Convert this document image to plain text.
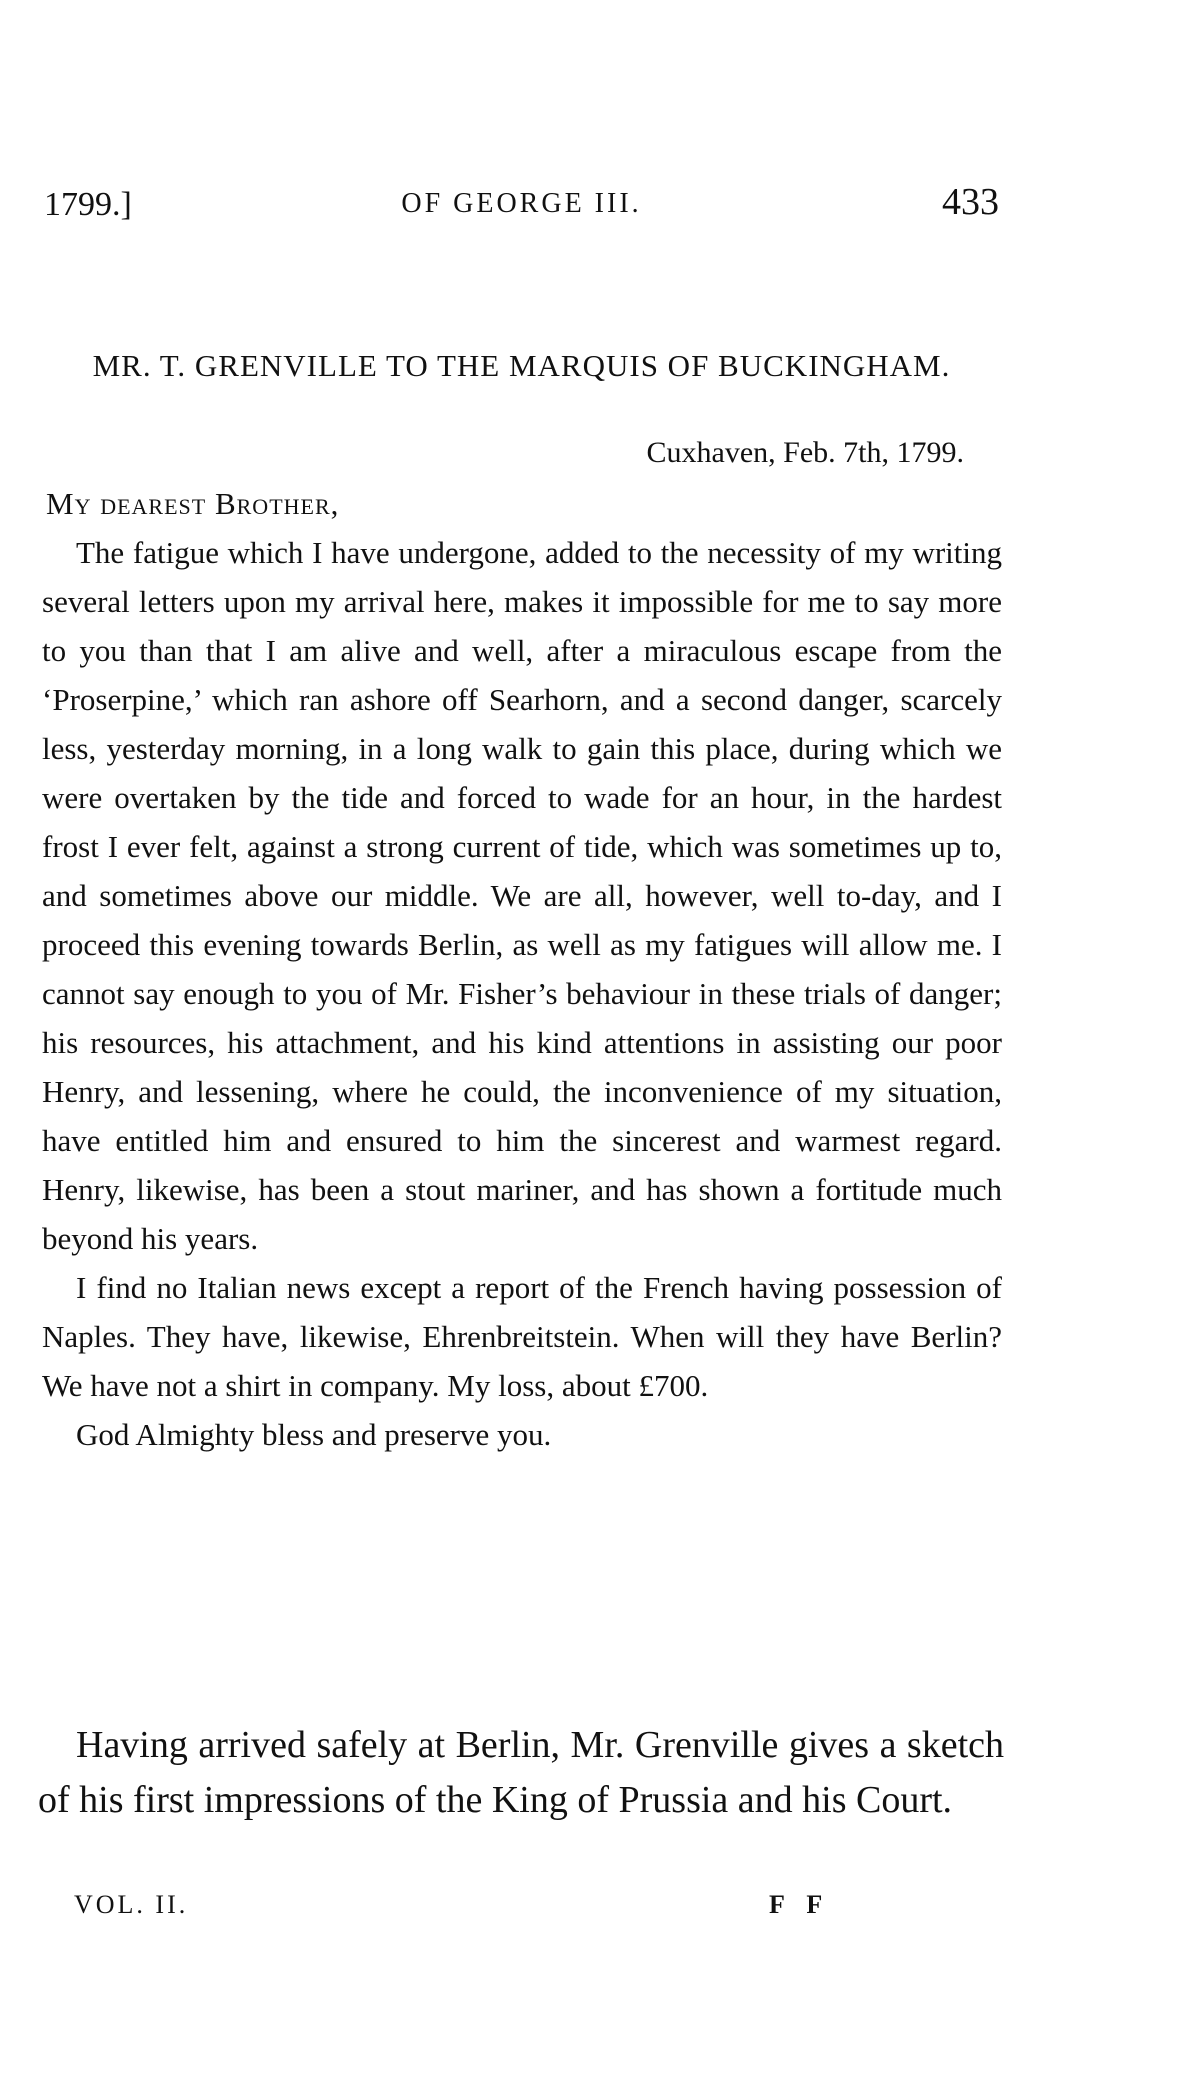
1799.]	OF GEORGE III.	433
MR. T. GRENVILLE TO THE MARQUIS OF BUCKINGHAM.
Cuxhaven, Feb. 7th, 1799.
My dearest Brother,

The fatigue which I have undergone, added to the necessity of my writing several letters upon my arrival here, makes it impossible for me to say more to you than that I am alive and well, after a miraculous escape from the ‘Proserpine,’ which ran ashore off Searhorn, and a second danger, scarcely less, yesterday morning, in a long walk to gain this place, during which we were overtaken by the tide and forced to wade for an hour, in the hardest frost I ever felt, against a strong current of tide, which was sometimes up to, and sometimes above our middle. We are all, however, well to-day, and I proceed this evening towards Berlin, as well as my fatigues will allow me. I cannot say enough to you of Mr. Fisher’s behaviour in these trials of danger; his resources, his attachment, and his kind attentions in assisting our poor Henry, and lessening, where he could, the inconvenience of my situation, have entitled him and ensured to him the sincerest and warmest regard. Henry, likewise, has been a stout mariner, and has shown a fortitude much beyond his years.

I find no Italian news except a report of the French having possession of Naples. They have, likewise, Ehrenbreitstein. When will they have Berlin? We have not a shirt in company. My loss, about £700.

God Almighty bless and preserve you.

Having arrived safely at Berlin, Mr. Grenville gives a sketch of his first impressions of the King of Prussia and his Court.

VOL. II.	F F
